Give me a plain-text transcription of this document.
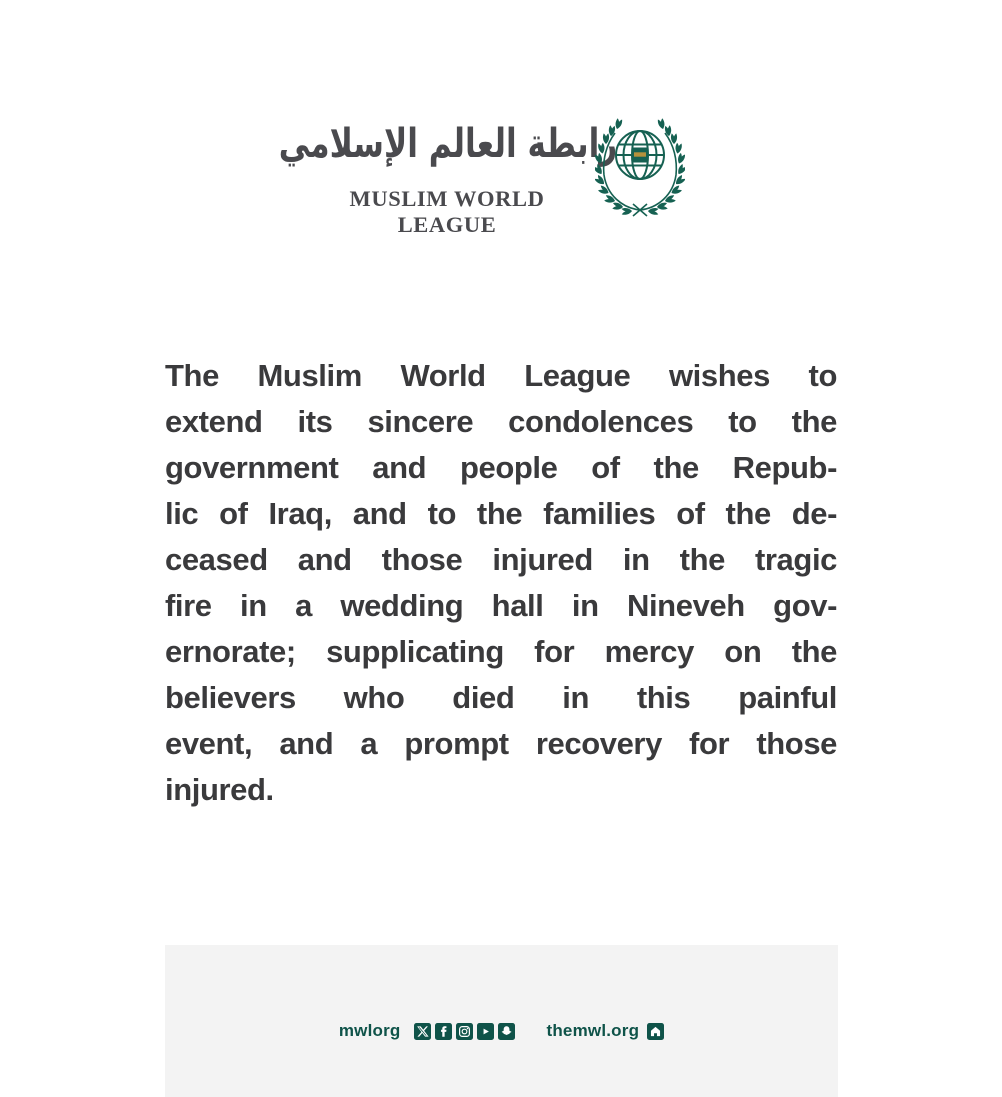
رابطة العالم الإسلامي
MUSLIM WORLD LEAGUE
The Muslim World League wishes to
extend its sincere condolences to the
government and people of the Repub-
lic of Iraq, and to the families of the de-
ceased and those injured in the tragic
fire in a wedding hall in Nineveh gov-
ernorate; supplicating for mercy on the
believers who died in this painful
event, and a prompt recovery for those
injured.
mwlorg	themwl.org
